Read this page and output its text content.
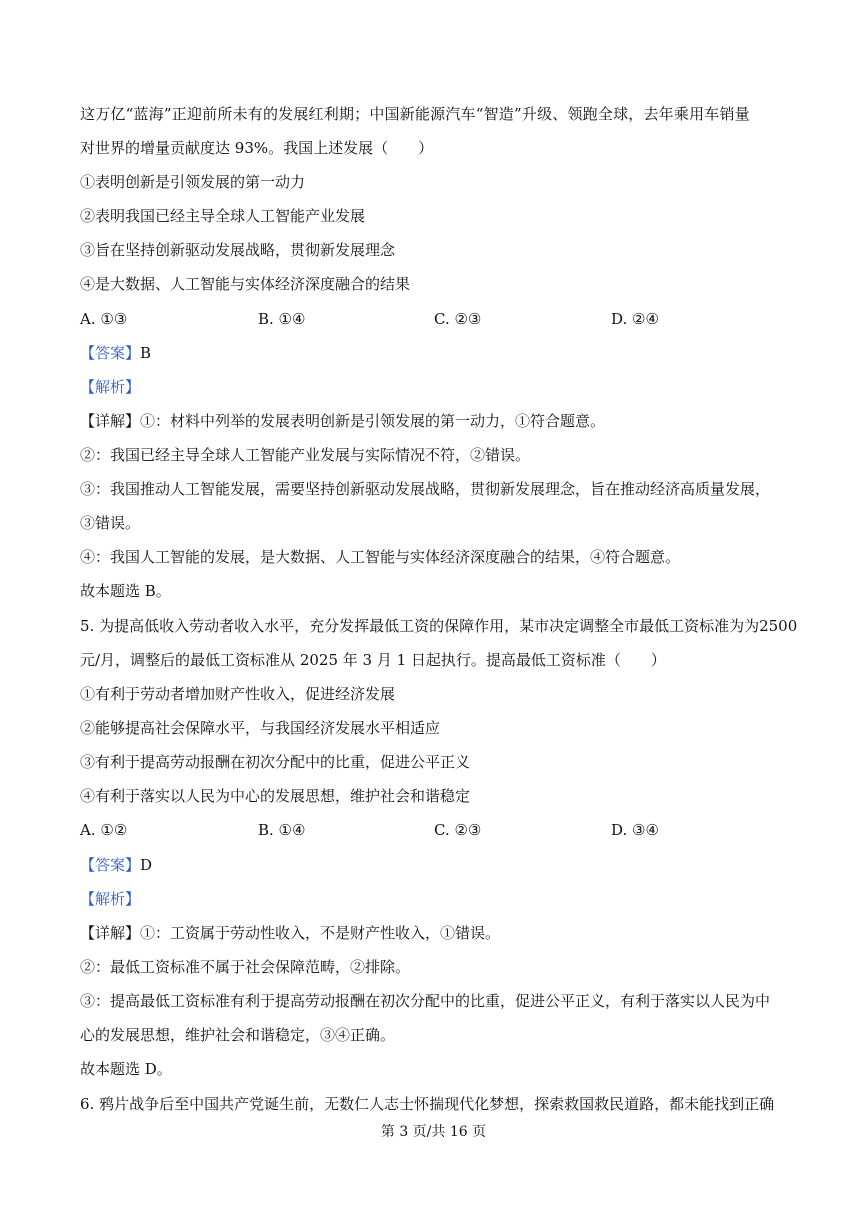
这万亿“蓝海”正迎前所未有的发展红利期；中国新能源汽车“智造”升级、领跑全球，去年乘用车销量
对世界的增量贡献度达 93%。我国上述发展（　　）
①表明创新是引领发展的第一动力
②表明我国已经主导全球人工智能产业发展
③旨在坚持创新驱动发展战略，贯彻新发展理念
④是大数据、人工智能与实体经济深度融合的结果
A. ①③	B. ①④	C. ②③	D. ②④
【答案】B
【解析】
【详解】①：材料中列举的发展表明创新是引领发展的第一动力，①符合题意。
②：我国已经主导全球人工智能产业发展与实际情况不符，②错误。
③：我国推动人工智能发展，需要坚持创新驱动发展战略，贯彻新发展理念，旨在推动经济高质量发展，
③错误。
④：我国人工智能的发展，是大数据、人工智能与实体经济深度融合的结果，④符合题意。
故本题选 B。
5. 为提高低收入劳动者收入水平，充分发挥最低工资的保障作用，某市决定调整全市最低工资标准为为2500
元/月，调整后的最低工资标准从 2025 年 3 月 1 日起执行。提高最低工资标准（　　）
①有利于劳动者增加财产性收入，促进经济发展
②能够提高社会保障水平，与我国经济发展水平相适应
③有利于提高劳动报酬在初次分配中的比重，促进公平正义
④有利于落实以人民为中心的发展思想，维护社会和谐稳定
A. ①②	B. ①④	C. ②③	D. ③④
【答案】D
【解析】
【详解】①：工资属于劳动性收入，不是财产性收入，①错误。
②：最低工资标准不属于社会保障范畴，②排除。
③：提高最低工资标准有利于提高劳动报酬在初次分配中的比重，促进公平正义，有利于落实以人民为中
心的发展思想，维护社会和谐稳定，③④正确。
故本题选 D。
6. 鸦片战争后至中国共产党诞生前，无数仁人志士怀揣现代化梦想，探索救国救民道路，都未能找到正确
第 3 页/共 16 页
